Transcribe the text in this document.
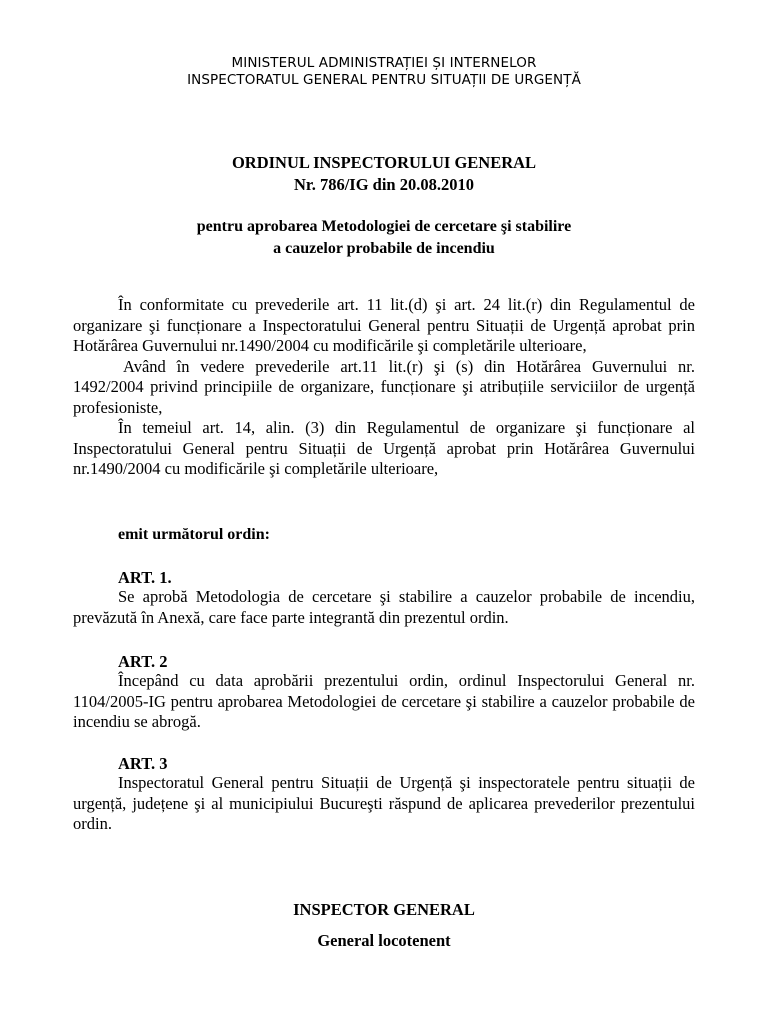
MINISTERUL ADMINISTRAȚIEI ȘI INTERNELOR
INSPECTORATUL GENERAL PENTRU SITUAȚII DE URGENȚĂ
ORDINUL INSPECTORULUI GENERAL
Nr. 786/IG din 20.08.2010
pentru aprobarea Metodologiei de cercetare şi stabilire
a cauzelor probabile de incendiu

În conformitate cu prevederile art. 11 lit.(d) şi art. 24 lit.(r) din Regulamentul de organizare şi funcționare a Inspectoratului General pentru Situații de Urgență aprobat prin Hotărârea Guvernului nr.1490/2004 cu modificările şi completările ulterioare,

Având în vedere prevederile art.11 lit.(r) şi (s) din Hotărârea Guvernului nr. 1492/2004 privind principiile de organizare, funcționare şi atribuțiile serviciilor de urgență profesioniste,

În temeiul art. 14, alin. (3) din Regulamentul de organizare şi funcționare al Inspectoratului General pentru Situații de Urgență aprobat prin Hotărârea Guvernului nr.1490/2004 cu modificările şi completările ulterioare,

emit următorul ordin:
ART. 1.

Se aprobă Metodologia de cercetare şi stabilire a cauzelor probabile de incendiu, prevăzută în Anexă, care face parte integrantă din prezentul ordin.

ART. 2

Începând cu data aprobării prezentului ordin, ordinul Inspectorului General nr. 1104/2005-IG pentru aprobarea Metodologiei de cercetare şi stabilire a cauzelor probabile de incendiu se abrogă.

ART. 3

Inspectoratul General pentru Situații de Urgență şi inspectoratele pentru situații de urgență, județene şi al municipiului Bucureşti răspund de aplicarea prevederilor prezentului ordin.

INSPECTOR GENERAL
General locotenent
